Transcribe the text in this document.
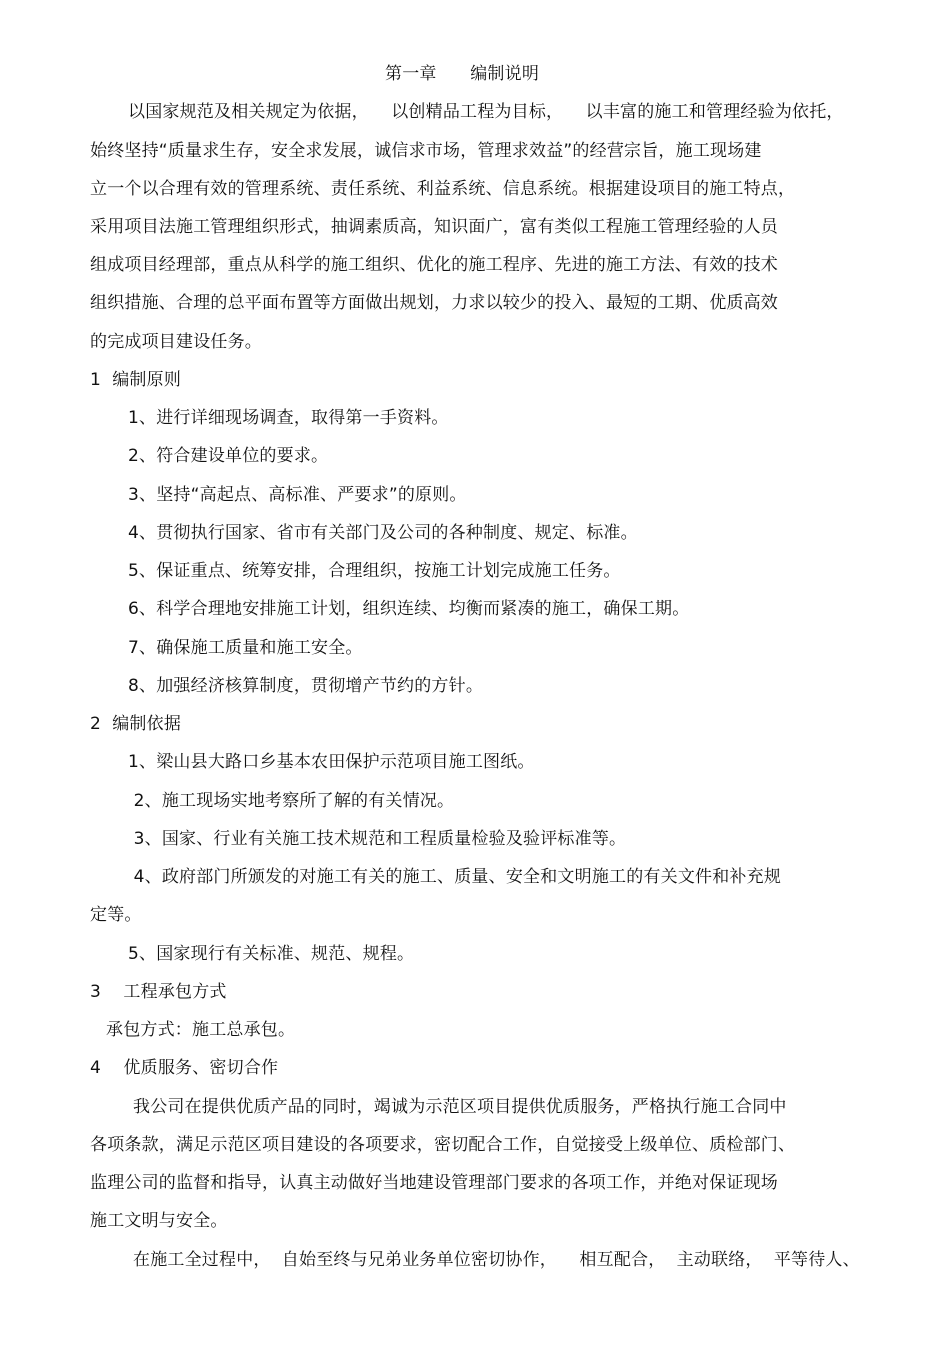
第一章      编制说明
以国家规范及相关规定为依据，    以创精品工程为目标，    以丰富的施工和管理经验为依托，
始终坚持“质量求生存，安全求发展，诚信求市场，管理求效益”的经营宗旨，施工现场建
立一个以合理有效的管理系统、责任系统、利益系统、信息系统。根据建设项目的施工特点，
采用项目法施工管理组织形式，抽调素质高，知识面广，富有类似工程施工管理经验的人员
组成项目经理部，重点从科学的施工组织、优化的施工程序、先进的施工方法、有效的技术
组织措施、合理的总平面布置等方面做出规划，力求以较少的投入、最短的工期、优质高效
的完成项目建设任务。
1  编制原则
1、进行详细现场调查，取得第一手资料。
2、符合建设单位的要求。
3、坚持“高起点、高标准、严要求”的原则。
4、贯彻执行国家、省市有关部门及公司的各种制度、规定、标准。
5、保证重点、统筹安排，合理组织，按施工计划完成施工任务。
6、科学合理地安排施工计划，组织连续、均衡而紧凑的施工，确保工期。
7、确保施工质量和施工安全。
8、加强经济核算制度，贯彻增产节约的方针。
2  编制依据
1、梁山县大路口乡基本农田保护示范项目施工图纸。
2、施工现场实地考察所了解的有关情况。
3、国家、行业有关施工技术规范和工程质量检验及验评标准等。
4、政府部门所颁发的对施工有关的施工、质量、安全和文明施工的有关文件和补充规
定等。
5、国家现行有关标准、规范、规程。
3    工程承包方式
承包方式：施工总承包。
4    优质服务、密切合作
我公司在提供优质产品的同时，竭诚为示范区项目提供优质服务，严格执行施工合同中
各项条款，满足示范区项目建设的各项要求，密切配合工作，自觉接受上级单位、质检部门、
监理公司的监督和指导，认真主动做好当地建设管理部门要求的各项工作，并绝对保证现场
施工文明与安全。
在施工全过程中，  自始至终与兄弟业务单位密切协作，    相互配合，  主动联络，  平等待人、
